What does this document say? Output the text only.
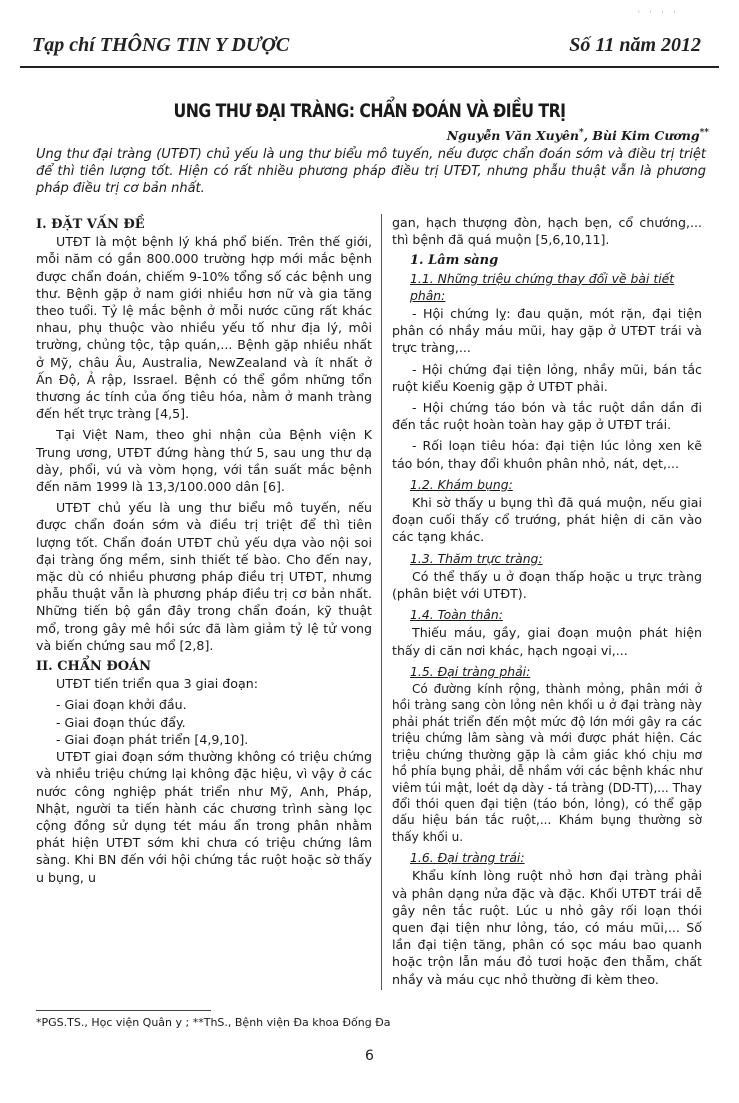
ˈ ˈ ˈ ˈ
Tạp chí THÔNG TIN Y DƯỢC	Số 11 năm 2012
UNG THƯ ĐẠI TRÀNG: CHẨN ĐOÁN VÀ ĐIỀU TRỊ
Nguyễn Văn Xuyên*, Bùi Kim Cương**
Ung thư đại tràng (UTĐT) chủ yếu là ung thư biểu mô tuyến, nếu được chẩn đoán sớm và điều trị triệt để thì tiên lượng tốt. Hiện có rất nhiều phương pháp điều trị UTĐT, nhưng phẫu thuật vẫn là phương pháp điều trị cơ bản nhất.
I. ĐẶT VẤN ĐỀ

UTĐT là một bệnh lý khá phổ biến. Trên thế giới, mỗi năm có gần 800.000 trường hợp mới mắc bệnh được chẩn đoán, chiếm 9-10% tổng số các bệnh ung thư. Bệnh gặp ở nam giới nhiều hơn nữ và gia tăng theo tuổi. Tỷ lệ mắc bệnh ở mỗi nước cũng rất khác nhau, phụ thuộc vào nhiều yếu tố như địa lý, môi trường, chủng tộc, tập quán,... Bệnh gặp nhiều nhất ở Mỹ, châu Âu, Australia, NewZealand và ít nhất ở Ấn Độ, Ả rập, Issrael. Bệnh có thể gồm những tổn thương ác tính của ống tiêu hóa, nằm ở manh tràng đến hết trực tràng [4,5].

Tại Việt Nam, theo ghi nhận của Bệnh viện K Trung ương, UTĐT đứng hàng thứ 5, sau ung thư dạ dày, phổi, vú và vòm họng, với tần suất mắc bệnh đến năm 1999 là 13,3/100.000 dân [6].

UTĐT chủ yếu là ung thư biểu mô tuyến, nếu được chẩn đoán sớm và điều trị triệt để thì tiên lượng tốt. Chẩn đoán UTĐT chủ yếu dựa vào nội soi đại tràng ống mềm, sinh thiết tế bào. Cho đến nay, mặc dù có nhiều phương pháp điều trị UTĐT, nhưng phẫu thuật vẫn là phương pháp điều trị cơ bản nhất. Những tiến bộ gần đây trong chẩn đoán, kỹ thuật mổ, trong gây mê hồi sức đã làm giảm tỷ lệ tử vong và biến chứng sau mổ [2,8].

II. CHẨN ĐOÁN

UTĐT tiến triển qua 3 giai đoạn:

- Giai đoạn khởi đầu.

- Giai đoạn thúc đẩy.

- Giai đoạn phát triển [4,9,10].

UTĐT giai đoạn sớm thường không có triệu chứng và nhiều triệu chứng lại không đặc hiệu, vì vậy ở các nước công nghiệp phát triển như Mỹ, Anh, Pháp, Nhật, người ta tiến hành các chương trình sàng lọc cộng đồng sử dụng tét máu ẩn trong phân nhằm phát hiện UTĐT sớm khi chưa có triệu chứng lâm sàng. Khi BN đến với hội chứng tắc ruột hoặc sờ thấy u bụng, u

gan, hạch thượng đòn, hạch bẹn, cổ chướng,... thì bệnh đã quá muộn [5,6,10,11].

1. Lâm sàng
1.1. Những triệu chứng thay đổi về bài tiết phân:

- Hội chứng lỵ: đau quặn, mót rặn, đại tiện phân có nhầy máu mũi, hay gặp ở UTĐT trái và trực tràng,...

- Hội chứng đại tiện lỏng, nhầy mũi, bán tắc ruột kiểu Koenig gặp ở UTĐT phải.

- Hội chứng táo bón và tắc ruột dần dần đi đến tắc ruột hoàn toàn hay gặp ở UTĐT trái.

- Rối loạn tiêu hóa: đại tiện lúc lỏng xen kẽ táo bón, thay đổi khuôn phân nhỏ, nát, dẹt,...

1.2. Khám bụng:

Khi sờ thấy u bụng thì đã quá muộn, nếu giai đoạn cuối thấy cổ trướng, phát hiện di căn vào các tạng khác.

1.3. Thăm trực tràng:

Có thể thấy u ở đoạn thấp hoặc u trực tràng (phân biệt với UTĐT).

1.4. Toàn thân:

Thiếu máu, gầy, giai đoạn muộn phát hiện thấy di căn nơi khác, hạch ngoại vi,...

1.5. Đại tràng phải:

Có đường kính rộng, thành mỏng, phân mới ở hồi tràng sang còn lỏng nên khối u ở đại tràng này phải phát triển đến một mức độ lớn mới gây ra các triệu chứng lâm sàng và mới được phát hiện. Các triệu chứng thường gặp là cảm giác khó chịu mơ hồ phía bụng phải, dễ nhầm với các bệnh khác như viêm túi mật, loét dạ dày - tá tràng (DD-TT),... Thay đổi thói quen đại tiện (táo bón, lỏng), có thể gặp dấu hiệu bán tắc ruột,... Khám bụng thường sờ thấy khối u.

1.6. Đại tràng trái:

Khẩu kính lòng ruột nhỏ hơn đại tràng phải và phân dạng nửa đặc và đặc. Khối UTĐT trái dễ gây nên tắc ruột. Lúc u nhỏ gây rối loạn thói quen đại tiện như lỏng, táo, có máu mũi,... Số lần đại tiện tăng, phân có sọc máu bao quanh hoặc trộn lẫn máu đỏ tươi hoặc đen thẫm, chất nhầy và máu cục nhỏ thường đi kèm theo.

*PGS.TS., Học viện Quân y ; **ThS., Bệnh viện Đa khoa Đống Đa
6
